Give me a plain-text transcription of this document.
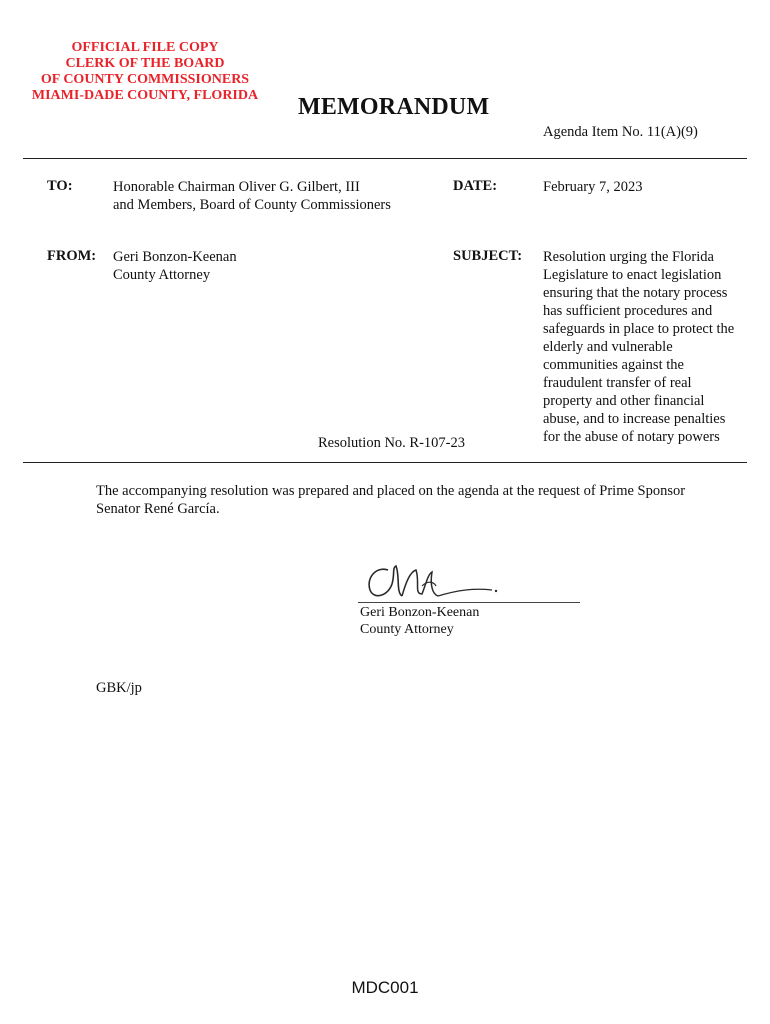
OFFICIAL FILE COPY
CLERK OF THE BOARD
OF COUNTY COMMISSIONERS
MIAMI-DADE COUNTY, FLORIDA	MEMORANDUM
Agenda Item No. 11(A)(9)
TO:	Honorable Chairman Oliver G. Gilbert, III
and Members, Board of County Commissioners
DATE:	February 7, 2023
FROM: Geri Bonzon-Keenan
County Attorney
SUBJECT: Resolution urging the Florida
Legislature to enact legislation
ensuring that the notary process
has sufficient procedures and
safeguards in place to protect the
elderly and vulnerable
communities against the
fraudulent transfer of real
property and other financial
abuse, and to increase penalties
for the abuse of notary powers
Resolution No. R-107-23
The accompanying resolution was prepared and placed on the agenda at the request of Prime Sponsor
Senator René García.
Geri Bonzon-Keenan
County Attorney
GBK/jp
MDC001
